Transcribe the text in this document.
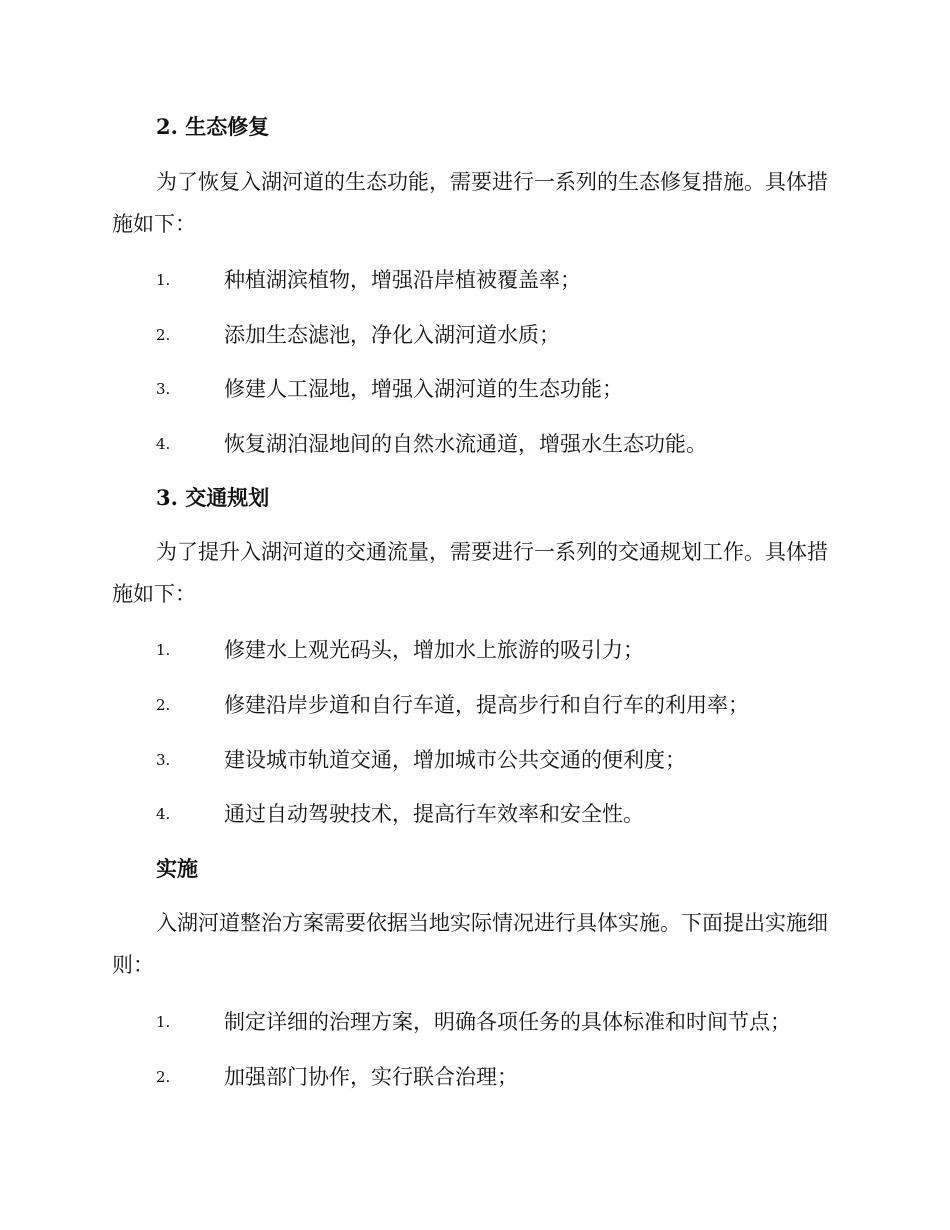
2. 生态修复
为了恢复入湖河道的生态功能，需要进行一系列的生态修复措施。具体措施如下：
1.	种植湖滨植物，增强沿岸植被覆盖率；
2.	添加生态滤池，净化入湖河道水质；
3.	修建人工湿地，增强入湖河道的生态功能；
4.	恢复湖泊湿地间的自然水流通道，增强水生态功能。
3. 交通规划
为了提升入湖河道的交通流量，需要进行一系列的交通规划工作。具体措施如下：
1.	修建水上观光码头，增加水上旅游的吸引力；
2.	修建沿岸步道和自行车道，提高步行和自行车的利用率；
3.	建设城市轨道交通，增加城市公共交通的便利度；
4.	通过自动驾驶技术，提高行车效率和安全性。
实施
入湖河道整治方案需要依据当地实际情况进行具体实施。下面提出实施细则：
1.	制定详细的治理方案，明确各项任务的具体标准和时间节点；
2.	加强部门协作，实行联合治理；
